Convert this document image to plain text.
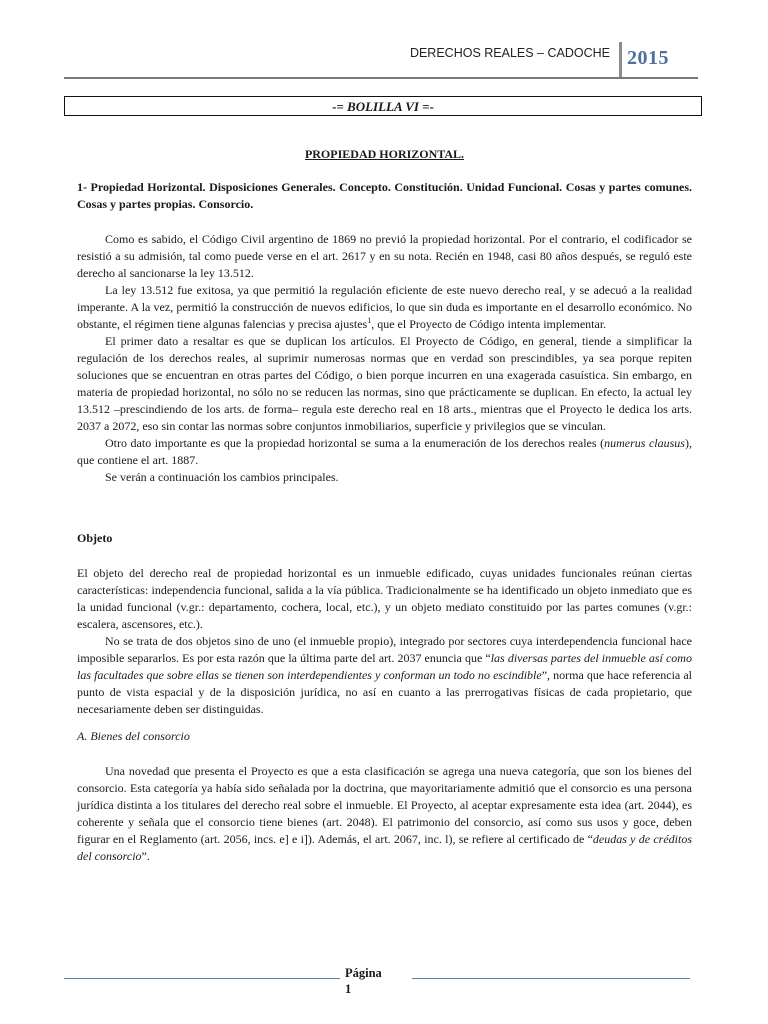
DERECHOS REALES – CADOCHE 2015
-= BOLILLA VI =-
PROPIEDAD HORIZONTAL.

1- Propiedad Horizontal. Disposiciones Generales. Concepto. Constitución. Unidad Funcional. Cosas y partes comunes. Cosas y partes propias. Consorcio.

Como es sabido, el Código Civil argentino de 1869 no previó la propiedad horizontal. Por el contrario, el codificador se resistió a su admisión, tal como puede verse en el art. 2617 y en su nota. Recién en 1948, casi 80 años después, se reguló este derecho al sancionarse la ley 13.512.

La ley 13.512 fue exitosa, ya que permitió la regulación eficiente de este nuevo derecho real, y se adecuó a la realidad imperante. A la vez, permitió la construcción de nuevos edificios, lo que sin duda es importante en el desarrollo económico. No obstante, el régimen tiene algunas falencias y precisa ajustes$^1$, que el Proyecto de Código intenta implementar.

El primer dato a resaltar es que se duplican los artículos. El Proyecto de Código, en general, tiende a simplificar la regulación de los derechos reales, al suprimir numerosas normas que en verdad son prescindibles, ya sea porque repiten soluciones que se encuentran en otras partes del Código, o bien porque incurren en una exagerada casuística. Sin embargo, en materia de propiedad horizontal, no sólo no se reducen las normas, sino que prácticamente se duplican. En efecto, la actual ley 13.512 –prescindiendo de los arts. de forma– regula este derecho real en 18 arts., mientras que el Proyecto le dedica los arts. 2037 a 2072, eso sin contar las normas sobre conjuntos inmobiliarios, superficie y privilegios que se vinculan.

Otro dato importante es que la propiedad horizontal se suma a la enumeración de los derechos reales (numerus clausus), que contiene el art. 1887.

Se verán a continuación los cambios principales.

Objeto

El objeto del derecho real de propiedad horizontal es un inmueble edificado, cuyas unidades funcionales reúnan ciertas características: independencia funcional, salida a la vía pública. Tradicionalmente se ha identificado un objeto inmediato que es la unidad funcional (v.gr.: departamento, cochera, local, etc.), y un objeto mediato constituido por las partes comunes (v.gr.: escalera, ascensores, etc.).

No se trata de dos objetos sino de uno (el inmueble propio), integrado por sectores cuya interdependencia funcional hace imposible separarlos. Es por esta razón que la última parte del art. 2037 enuncia que “las diversas partes del inmueble así como las facultades que sobre ellas se tienen son interdependientes y conforman un todo no escindible”, norma que hace referencia al punto de vista espacial y de la disposición jurídica, no así en cuanto a las prerrogativas físicas de cada propietario, que necesariamente deben ser distinguidas.

A. Bienes del consorcio

Una novedad que presenta el Proyecto es que a esta clasificación se agrega una nueva categoría, que son los bienes del consorcio. Esta categoría ya había sido señalada por la doctrina, que mayoritariamente admitió que el consorcio es una persona jurídica distinta a los titulares del derecho real sobre el inmueble. El Proyecto, al aceptar expresamente esta idea (art. 2044), es coherente y señala que el consorcio tiene bienes (art. 2048). El patrimonio del consorcio, así como sus usos y goce, deben figurar en el Reglamento (art. 2056, incs. e] e i]). Además, el art. 2067, inc. l), se refiere al certificado de “deudas y de créditos del consorcio”.

Página
1
